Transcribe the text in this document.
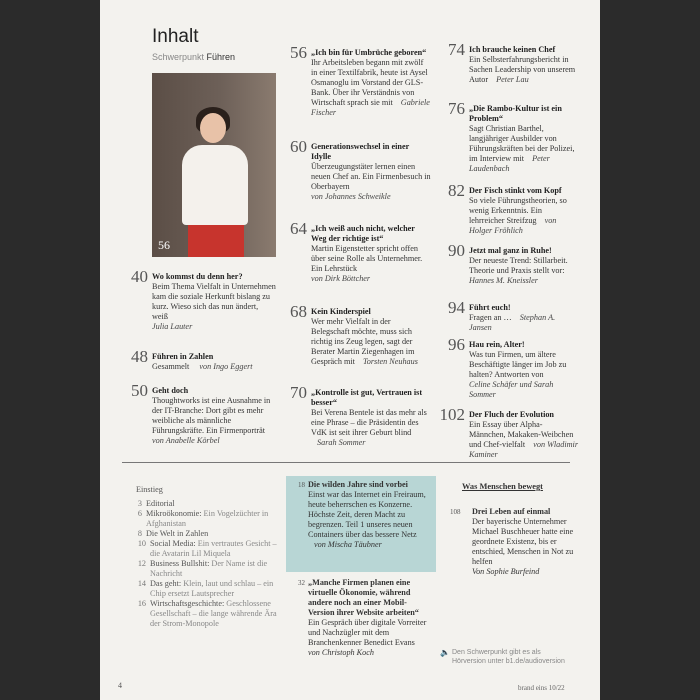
Inhalt
Schwerpunkt Führen
56
40 Wo kommst du denn her?
Beim Thema Vielfalt in Unternehmen kam die soziale Herkunft bislang zu kurz. Wieso sich das nun ändert, weiß
Julia Lauter
48 Führen in Zahlen
Gesammelt von Ingo Eggert
50 Geht doch
Thoughtworks ist eine Ausnahme in der IT-Branche: Dort gibt es mehr weibliche als männliche Führungskräfte. Ein Firmenporträt
von Anabelle Körbel
56 „Ich bin für Umbrüche geboren“
Ihr Arbeitsleben begann mit zwölf in einer Textilfabrik, heute ist Aysel Osmanoglu im Vorstand der GLS-Bank. Über ihr Verständnis von Wirtschaft sprach sie mit Gabriele Fischer
60 Generationswechsel in einer Idylle
Überzeugungstäter lernen einen neuen Chef an. Ein Firmenbesuch in Oberbayern
von Johannes Schweikle
64 „Ich weiß auch nicht, welcher Weg der richtige ist“
Martin Eigenstetter spricht offen über seine Rolle als Unternehmer. Ein Lehrstück
von Dirk Böttcher
68 Kein Kinderspiel
Wer mehr Vielfalt in der Belegschaft möchte, muss sich richtig ins Zeug legen, sagt der Berater Martin Ziegenhagen im Gespräch mit Torsten Neuhaus
70 „Kontrolle ist gut, Vertrauen ist besser“
Bei Verena Bentele ist das mehr als eine Phrase – die Präsidentin des VdK ist seit ihrer Geburt blind Sarah Sommer
74 Ich brauche keinen Chef
Ein Selbsterfahrungsbericht in Sachen Leadership von unserem Autor Peter Lau
76 „Die Rambo-Kultur ist ein Problem“
Sagt Christian Barthel, langjähriger Ausbilder von Führungskräften bei der Polizei, im Interview mit Peter Laudenbach
82 Der Fisch stinkt vom Kopf
So viele Führungstheorien, so wenig Erkenntnis. Ein lehrreicher Streifzug von Holger Fröhlich
90 Jetzt mal ganz in Ruhe!
Der neueste Trend: Stillarbeit. Theorie und Praxis stellt vor:
Hannes M. Kneissler
94 Führt euch!
Fragen an … Stephan A. Jansen
96 Hau rein, Alter!
Was tun Firmen, um ältere Beschäftigte länger im Job zu halten? Antworten von
Celine Schäfer und Sarah Sommer
102 Der Fluch der Evolution
Ein Essay über Alpha-Männchen, Makaken-Weibchen und Chef-vielfalt von Wladimir Kaminer
Einstieg
3 Editorial
6 Mikroökonomie: Ein Vogelzüchter in Afghanistan
8 Die Welt in Zahlen
10 Social Media: Ein vertrautes Gesicht – die Avatarin Lil Miquela
12 Business Bullshit: Der Name ist die Nachricht
14 Das geht: Klein, laut und schlau – ein Chip ersetzt Lautsprecher
16 Wirtschaftsgeschichte: Geschlossene Gesellschaft – die lange währende Ära der Strom-Monopole
18 Die wilden Jahre sind vorbei
Einst war das Internet ein Freiraum, heute beherrschen es Konzerne. Höchste Zeit, deren Macht zu begrenzen. Teil 1 unseres neuen Containers über das bessere Netz von Mischa Täubner
32 „Manche Firmen planen eine virtuelle Ökonomie, während andere noch an einer Mobil-Version ihrer Website arbeiten“
Ein Gespräch über digitale Vorreiter und Nachzügler mit dem Branchenkenner Benedict Evans
von Christoph Koch
Was Menschen bewegt
108 Drei Leben auf einmal
Der bayerische Unternehmer Michael Buschheuer hatte eine geordnete Existenz, bis er entschied, Menschen in Not zu helfen
Von Sophie Burfeind
🔈 Den Schwerpunkt gibt es als Hörversion unter b1.de/audioversion
4	brand eins 10/22
